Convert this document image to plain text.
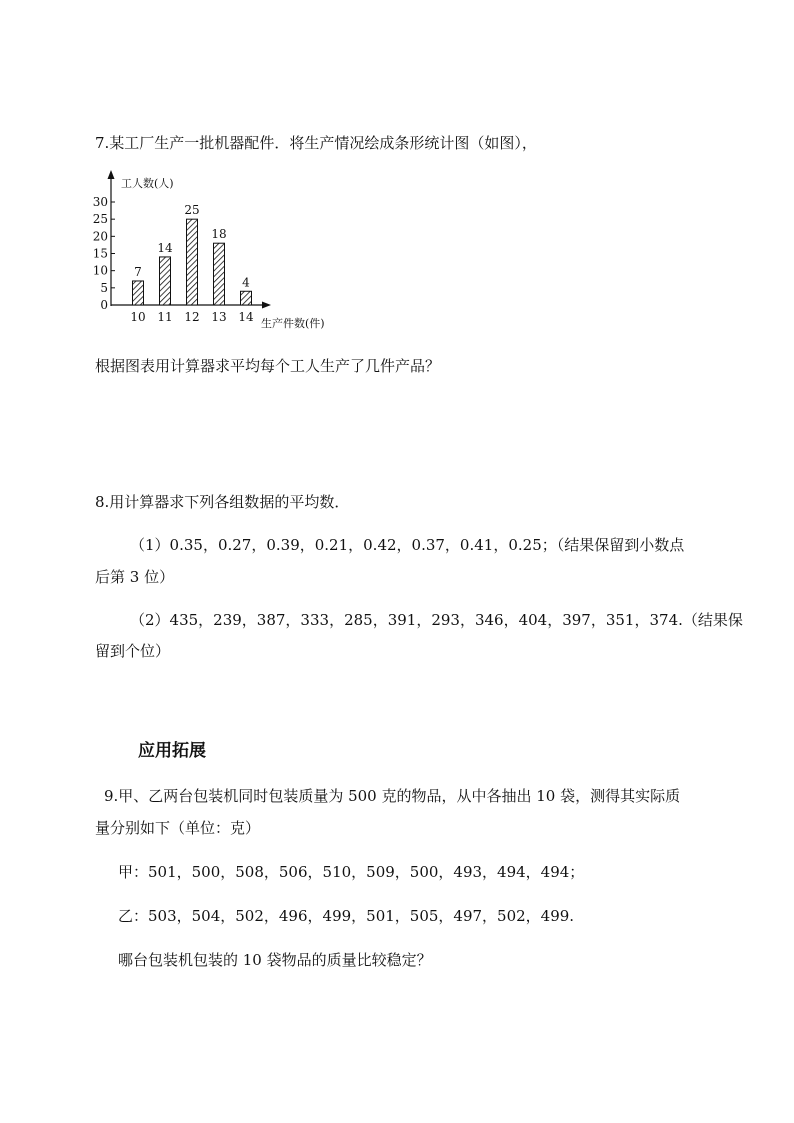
7.某工厂生产一批机器配件．将生产情况绘成条形统计图（如图），
工人数(人)
生产件数(件)
0
5
10
15
20
25
30
7
14
25
18
4
10 11 12 13 14
根据图表用计算器求平均每个工人生产了几件产品？
8.用计算器求下列各组数据的平均数．
（1）0.35，0.27，0.39，0.21，0.42，0.37，0.41，0.25；（结果保留到小数点
后第 3 位）
（2）435，239，387，333，285，391，293，346，404，397，351，374.（结果保
留到个位）
应用拓展
9.甲、乙两台包装机同时包装质量为 500 克的物品，从中各抽出 10 袋，测得其实际质
量分别如下（单位：克）
甲：501，500，508，506，510，509，500，493，494，494；
乙：503，504，502，496，499，501，505，497，502，499.
哪台包装机包装的 10 袋物品的质量比较稳定？
